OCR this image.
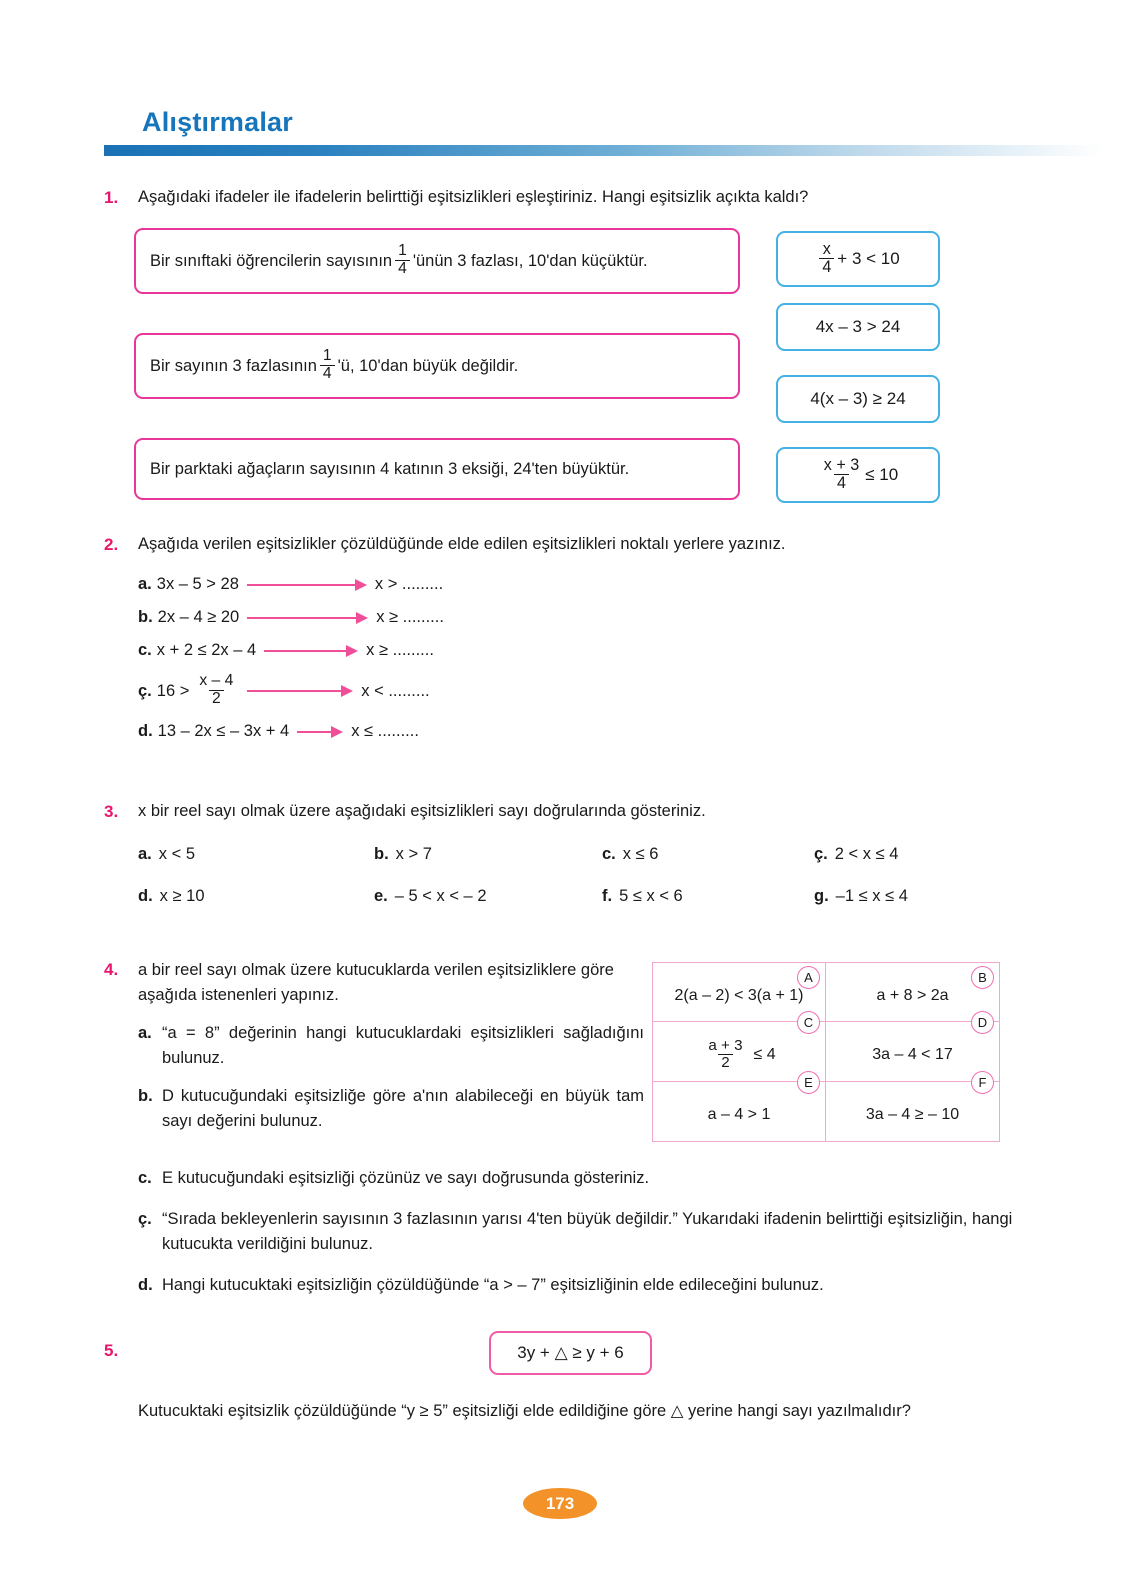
Alıştırmalar
1.	Aşağıdaki ifadeler ile ifadelerin belirttiği eşitsizlikleri eşleştiriniz. Hangi eşitsizlik açıkta kaldı?
Bir sınıftaki öğrencilerin sayısının $\frac{1}{4}$ 'ünün 3 fazlası, 10'dan küçüktür.
Bir sayının 3 fazlasının $\frac{1}{4}$ 'ü, 10'dan büyük değildir.
Bir parktaki ağaçların sayısının 4 katının 3 eksiği, 24'ten büyüktür.
$\frac{x}{4} + 3 < 10$
4x – 3 > 24
4(x – 3) ≥ 24
$\frac{x + 3}{4} \le 10$
2.	Aşağıda verilen eşitsizlikler çözüldüğünde elde edilen eşitsizlikleri noktalı yerlere yazınız.
a. 3x – 5 > 28	x > .........
b. 2x – 4 ≥ 20	x ≥ .........
c. x + 2 ≤ 2x – 4	x ≥ .........
ç. $16 > \frac{x - 4}{2}$	x < .........
d. 13 – 2x ≤ – 3x + 4	x ≤ .........
3.	x bir reel sayı olmak üzere aşağıdaki eşitsizlikleri sayı doğrularında gösteriniz.
a. x < 5	b. x > 7	c. x ≤ 6	ç. 2 < x ≤ 4
d. x ≥ 10	e. – 5 < x < – 2	f. 5 ≤ x < 6	g. –1 ≤ x ≤ 4
4.	a bir reel sayı olmak üzere kutucuklarda verilen eşitsizliklere göre aşağıda istenenleri yapınız.
a. “a = 8” değerinin hangi kutucuklardaki eşitsizlikleri sağladığını bulunuz.
b. D kutucuğundaki eşitsizliğe göre a'nın alabileceği en büyük tam sayı değerini bulunuz.
2(a – 2) < 3(a + 1)
A
a + 8 > 2a
B
$\frac{a + 3}{2} \le 4$
C
3a – 4 < 17
D
a – 4 > 1
E
3a – 4 ≥ – 10
F
c. E kutucuğundaki eşitsizliği çözünüz ve sayı doğrusunda gösteriniz.
ç. “Sırada bekleyenlerin sayısının 3 fazlasının yarısı 4'ten büyük değildir.” Yukarıdaki ifadenin belirttiği eşitsizliğin, hangi kutucukta verildiğini bulunuz.
d. Hangi kutucuktaki eşitsizliğin çözüldüğünde “a > – 7” eşitsizliğinin elde edileceğini bulunuz.
5.	3y + △ ≥ y + 6
Kutucuktaki eşitsizlik çözüldüğünde “y ≥ 5” eşitsizliği elde edildiğine göre △ yerine hangi sayı yazılmalıdır?
173
